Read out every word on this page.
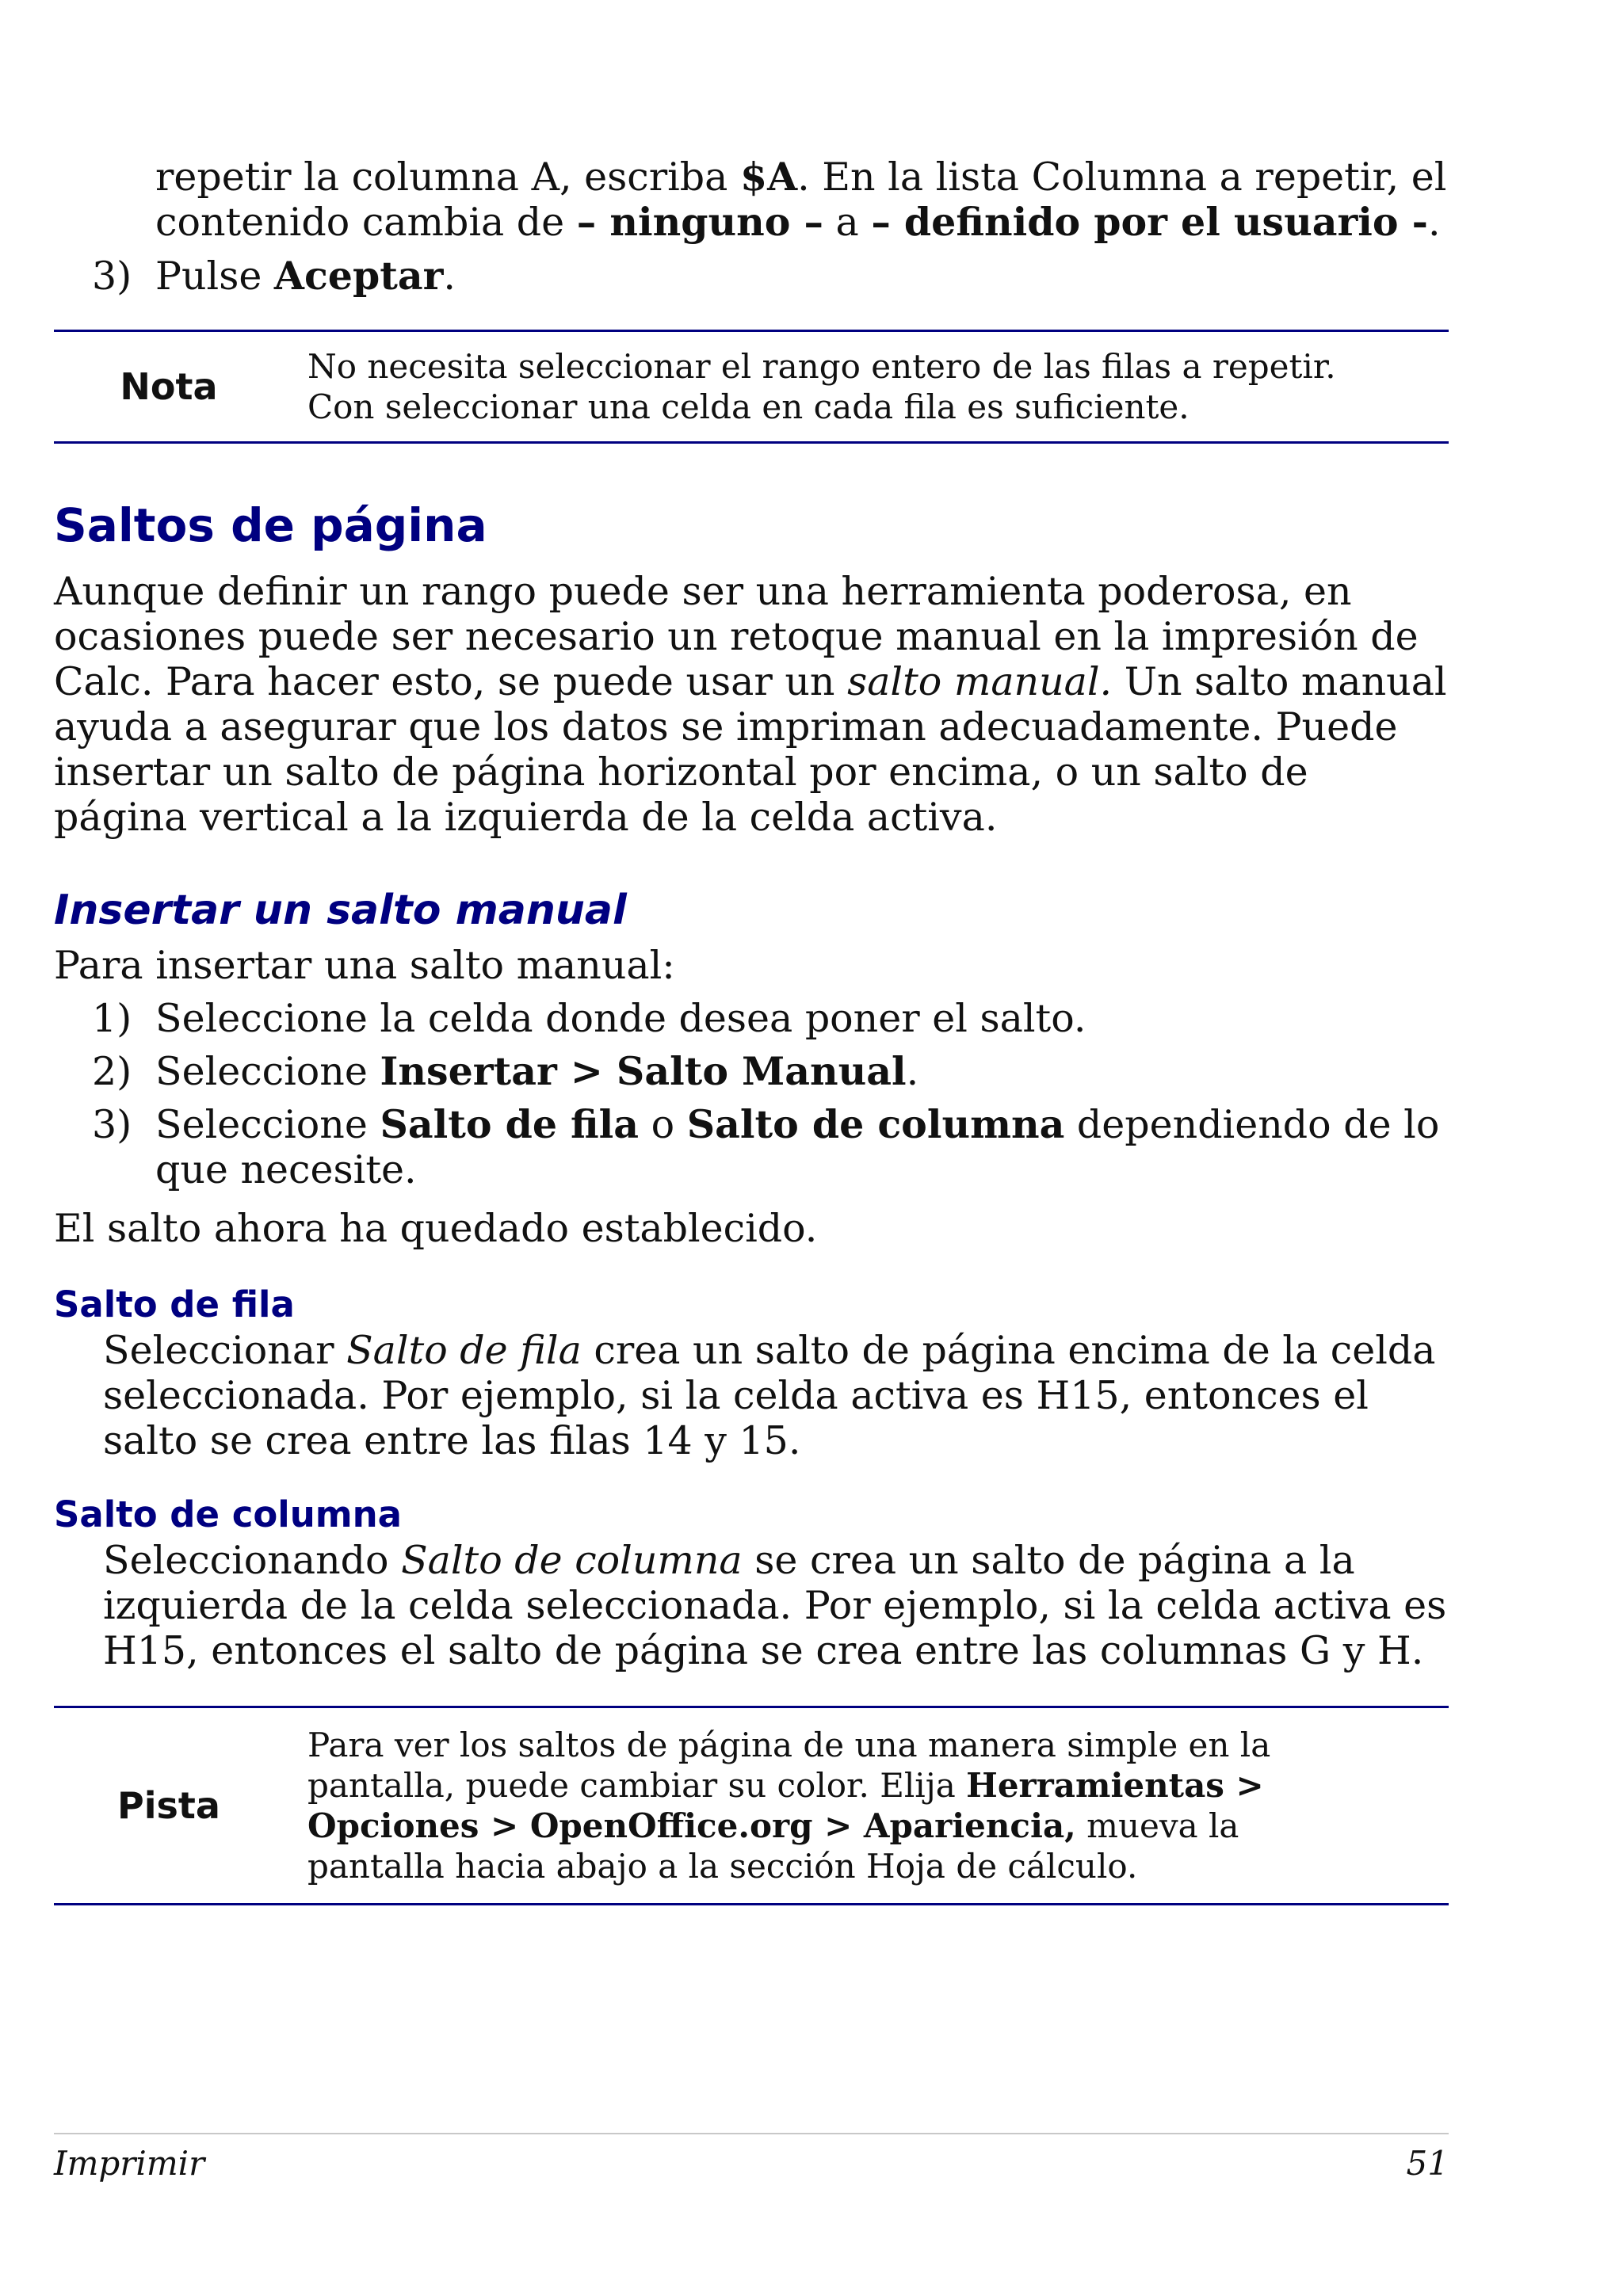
repetir la columna A, escriba $A. En la lista Columna a repetir, el

contenido cambia de – ninguno – a – definido por el usuario -.

3) Pulse Aceptar.
Nota	No necesita seleccionar el rango entero de las filas a repetir.
Con seleccionar una celda en cada fila es suficiente.
Saltos de página

Aunque definir un rango puede ser una herramienta poderosa, en ocasiones puede ser necesario un retoque manual en la impresión de Calc. Para hacer esto, se puede usar un salto manual. Un salto manual ayuda a asegurar que los datos se impriman adecuadamente. Puede insertar un salto de página horizontal por encima, o un salto de página vertical a la izquierda de la celda activa.

Insertar un salto manual

Para insertar una salto manual:

1) Seleccione la celda donde desea poner el salto.
2) Seleccione Insertar > Salto Manual.
3) Seleccione Salto de fila o Salto de columna dependiendo de lo que necesite.

El salto ahora ha quedado establecido.

Salto de fila

Seleccionar Salto de fila crea un salto de página encima de la celda seleccionada. Por ejemplo, si la celda activa es H15, entonces el salto se crea entre las filas 14 y 15.

Salto de columna

Seleccionando Salto de columna se crea un salto de página a la izquierda de la celda seleccionada. Por ejemplo, si la celda activa es H15, entonces el salto de página se crea entre las columnas G y H.

Pista
Para ver los saltos de página de una manera simple en la pantalla, puede cambiar su color. Elija Herramientas > Opciones > OpenOffice.org > Apariencia, mueva la pantalla hacia abajo a la sección Hoja de cálculo.
Imprimir	51
